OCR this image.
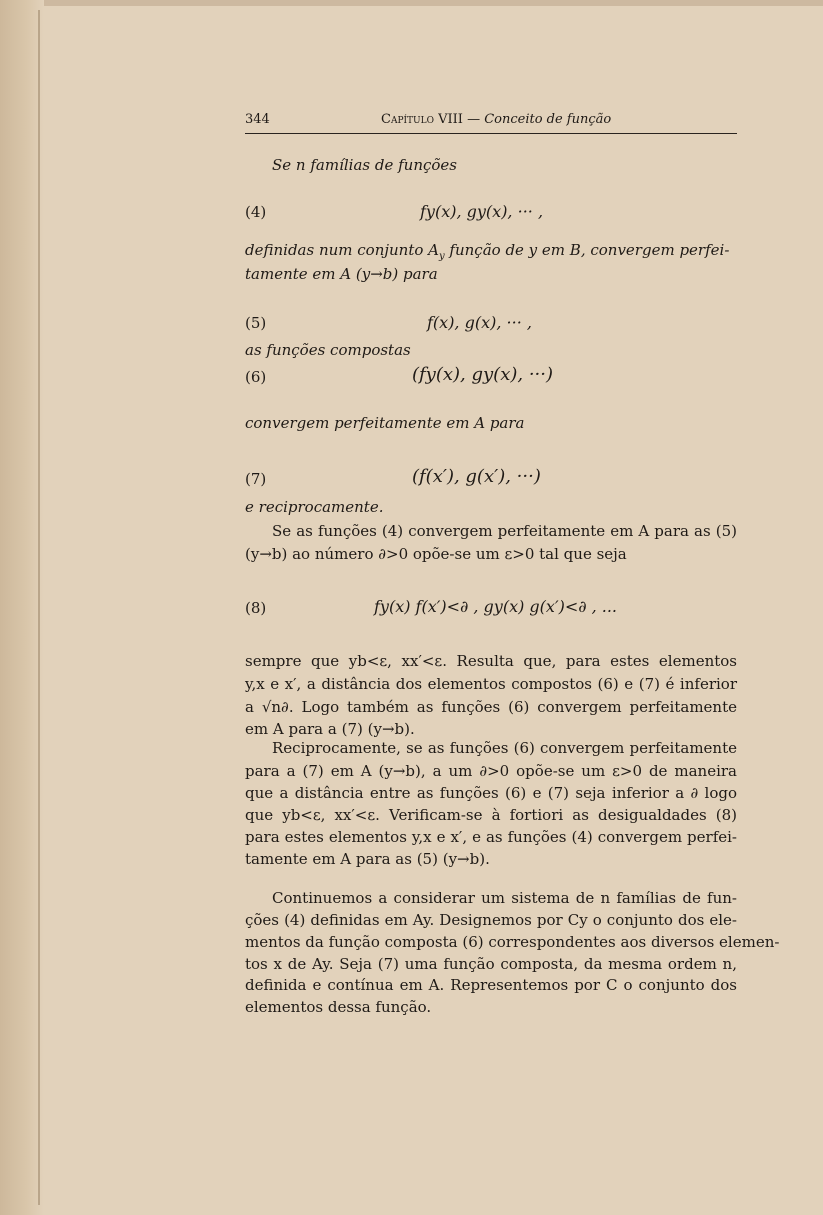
344	Capítulo VIII — Conceito de função
Se n famílias de funções
(4)	fy(x), gy(x), ··· ,
definidas num conjunto $A_y$ função de y em B, convergem perfei-
tamente em A (y→b) para
(5)	f(x), g(x), ··· ,
as funções compostas
(6)	(fy(x), gy(x), ···)
convergem perfeitamente em A para
(7)	(f(x′), g(x′), ···)
e reciprocamente.
Se as funções (4) convergem perfeitamente em A para as (5)
(y→b) ao número ∂>0 opõe-se um ε>0 tal que seja
(8)	fy(x) f(x′)<∂ , gy(x) g(x′)<∂ , ...
sempre que yb<ε, xx′<ε. Resulta que, para estes elementos
y,x e x′, a distância dos elementos compostos (6) e (7) é inferior
a √n∂. Logo também as funções (6) convergem perfeitamente
em A para a (7) (y→b).
Reciprocamente, se as funções (6) convergem perfeitamente
para a (7) em A (y→b), a um ∂>0 opõe-se um ε>0 de maneira
que a distância entre as funções (6) e (7) seja inferior a ∂ logo
que yb<ε, xx′<ε. Verificam-se à fortiori as desigualdades (8)
para estes elementos y,x e x′, e as funções (4) convergem perfei-
tamente em A para as (5) (y→b).
Continuemos a considerar um sistema de n famílias de fun-
ções (4) definidas em Ay. Designemos por Cy o conjunto dos ele-
mentos da função composta (6) correspondentes aos diversos elemen-
tos x de Ay. Seja (7) uma função composta, da mesma ordem n,
definida e contínua em A. Representemos por C o conjunto dos
elementos dessa função.
